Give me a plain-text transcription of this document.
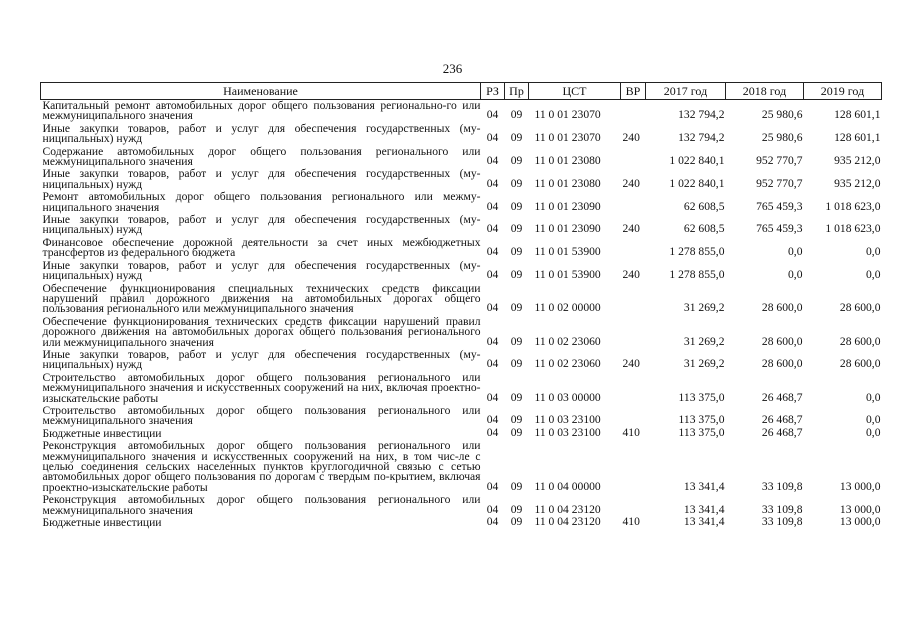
236
Наименование	РЗ	Пр	ЦСТ	ВР	2017 год	2018 год	2019 год
Капитальный ремонт автомобильных дорог общего пользования регионально-го или межмуниципального значения	04	09	11 0 01 23070		132 794,2	25 980,6	128 601,1
Иные закупки товаров, работ и услуг для обеспечения государственных (му-ниципальных) нужд	04	09	11 0 01 23070	240	132 794,2	25 980,6	128 601,1
Содержание автомобильных дорог общего пользования регионального или межмуниципального значения	04	09	11 0 01 23080		1 022 840,1	952 770,7	935 212,0
Иные закупки товаров, работ и услуг для обеспечения государственных (му-ниципальных) нужд	04	09	11 0 01 23080	240	1 022 840,1	952 770,7	935 212,0
Ремонт автомобильных дорог общего пользования регионального или межму-ниципального значения	04	09	11 0 01 23090		62 608,5	765 459,3	1 018 623,0
Иные закупки товаров, работ и услуг для обеспечения государственных (му-ниципальных) нужд	04	09	11 0 01 23090	240	62 608,5	765 459,3	1 018 623,0
Финансовое обеспечение дорожной деятельности за счет иных межбюджетных трансфертов из федерального бюджета	04	09	11 0 01 53900		1 278 855,0	0,0	0,0
Иные закупки товаров, работ и услуг для обеспечения государственных (му-ниципальных) нужд	04	09	11 0 01 53900	240	1 278 855,0	0,0	0,0
Обеспечение функционирования специальных технических средств фиксации нарушений правил дорожного движения на автомобильных дорогах общего пользования регионального или межмуниципального значения	04	09	11 0 02 00000		31 269,2	28 600,0	28 600,0
Обеспечение функционирования технических средств фиксации нарушений правил дорожного движения на автомобильных дорогах общего пользования регионального или межмуниципального значения	04	09	11 0 02 23060		31 269,2	28 600,0	28 600,0
Иные закупки товаров, работ и услуг для обеспечения государственных (му-ниципальных) нужд	04	09	11 0 02 23060	240	31 269,2	28 600,0	28 600,0
Строительство автомобильных дорог общего пользования регионального или межмуниципального значения и искусственных сооружений на них, включая проектно-изыскательские работы	04	09	11 0 03 00000		113 375,0	26 468,7	0,0
Строительство автомобильных дорог общего пользования регионального или межмуниципального значения	04	09	11 0 03 23100		113 375,0	26 468,7	0,0
Бюджетные инвестиции	04	09	11 0 03 23100	410	113 375,0	26 468,7	0,0
Реконструкция автомобильных дорог общего пользования регионального или межмуниципального значения и искусственных сооружений на них, в том чис-ле с целью соединения сельских населенных пунктов круглогодичной связью с сетью автомобильных дорог общего пользования по дорогам с твердым по-крытием, включая проектно-изыскательские работы	04	09	11 0 04 00000		13 341,4	33 109,8	13 000,0
Реконструкция автомобильных дорог общего пользования регионального или межмуниципального значения	04	09	11 0 04 23120		13 341,4	33 109,8	13 000,0
Бюджетные инвестиции	04	09	11 0 04 23120	410	13 341,4	33 109,8	13 000,0
